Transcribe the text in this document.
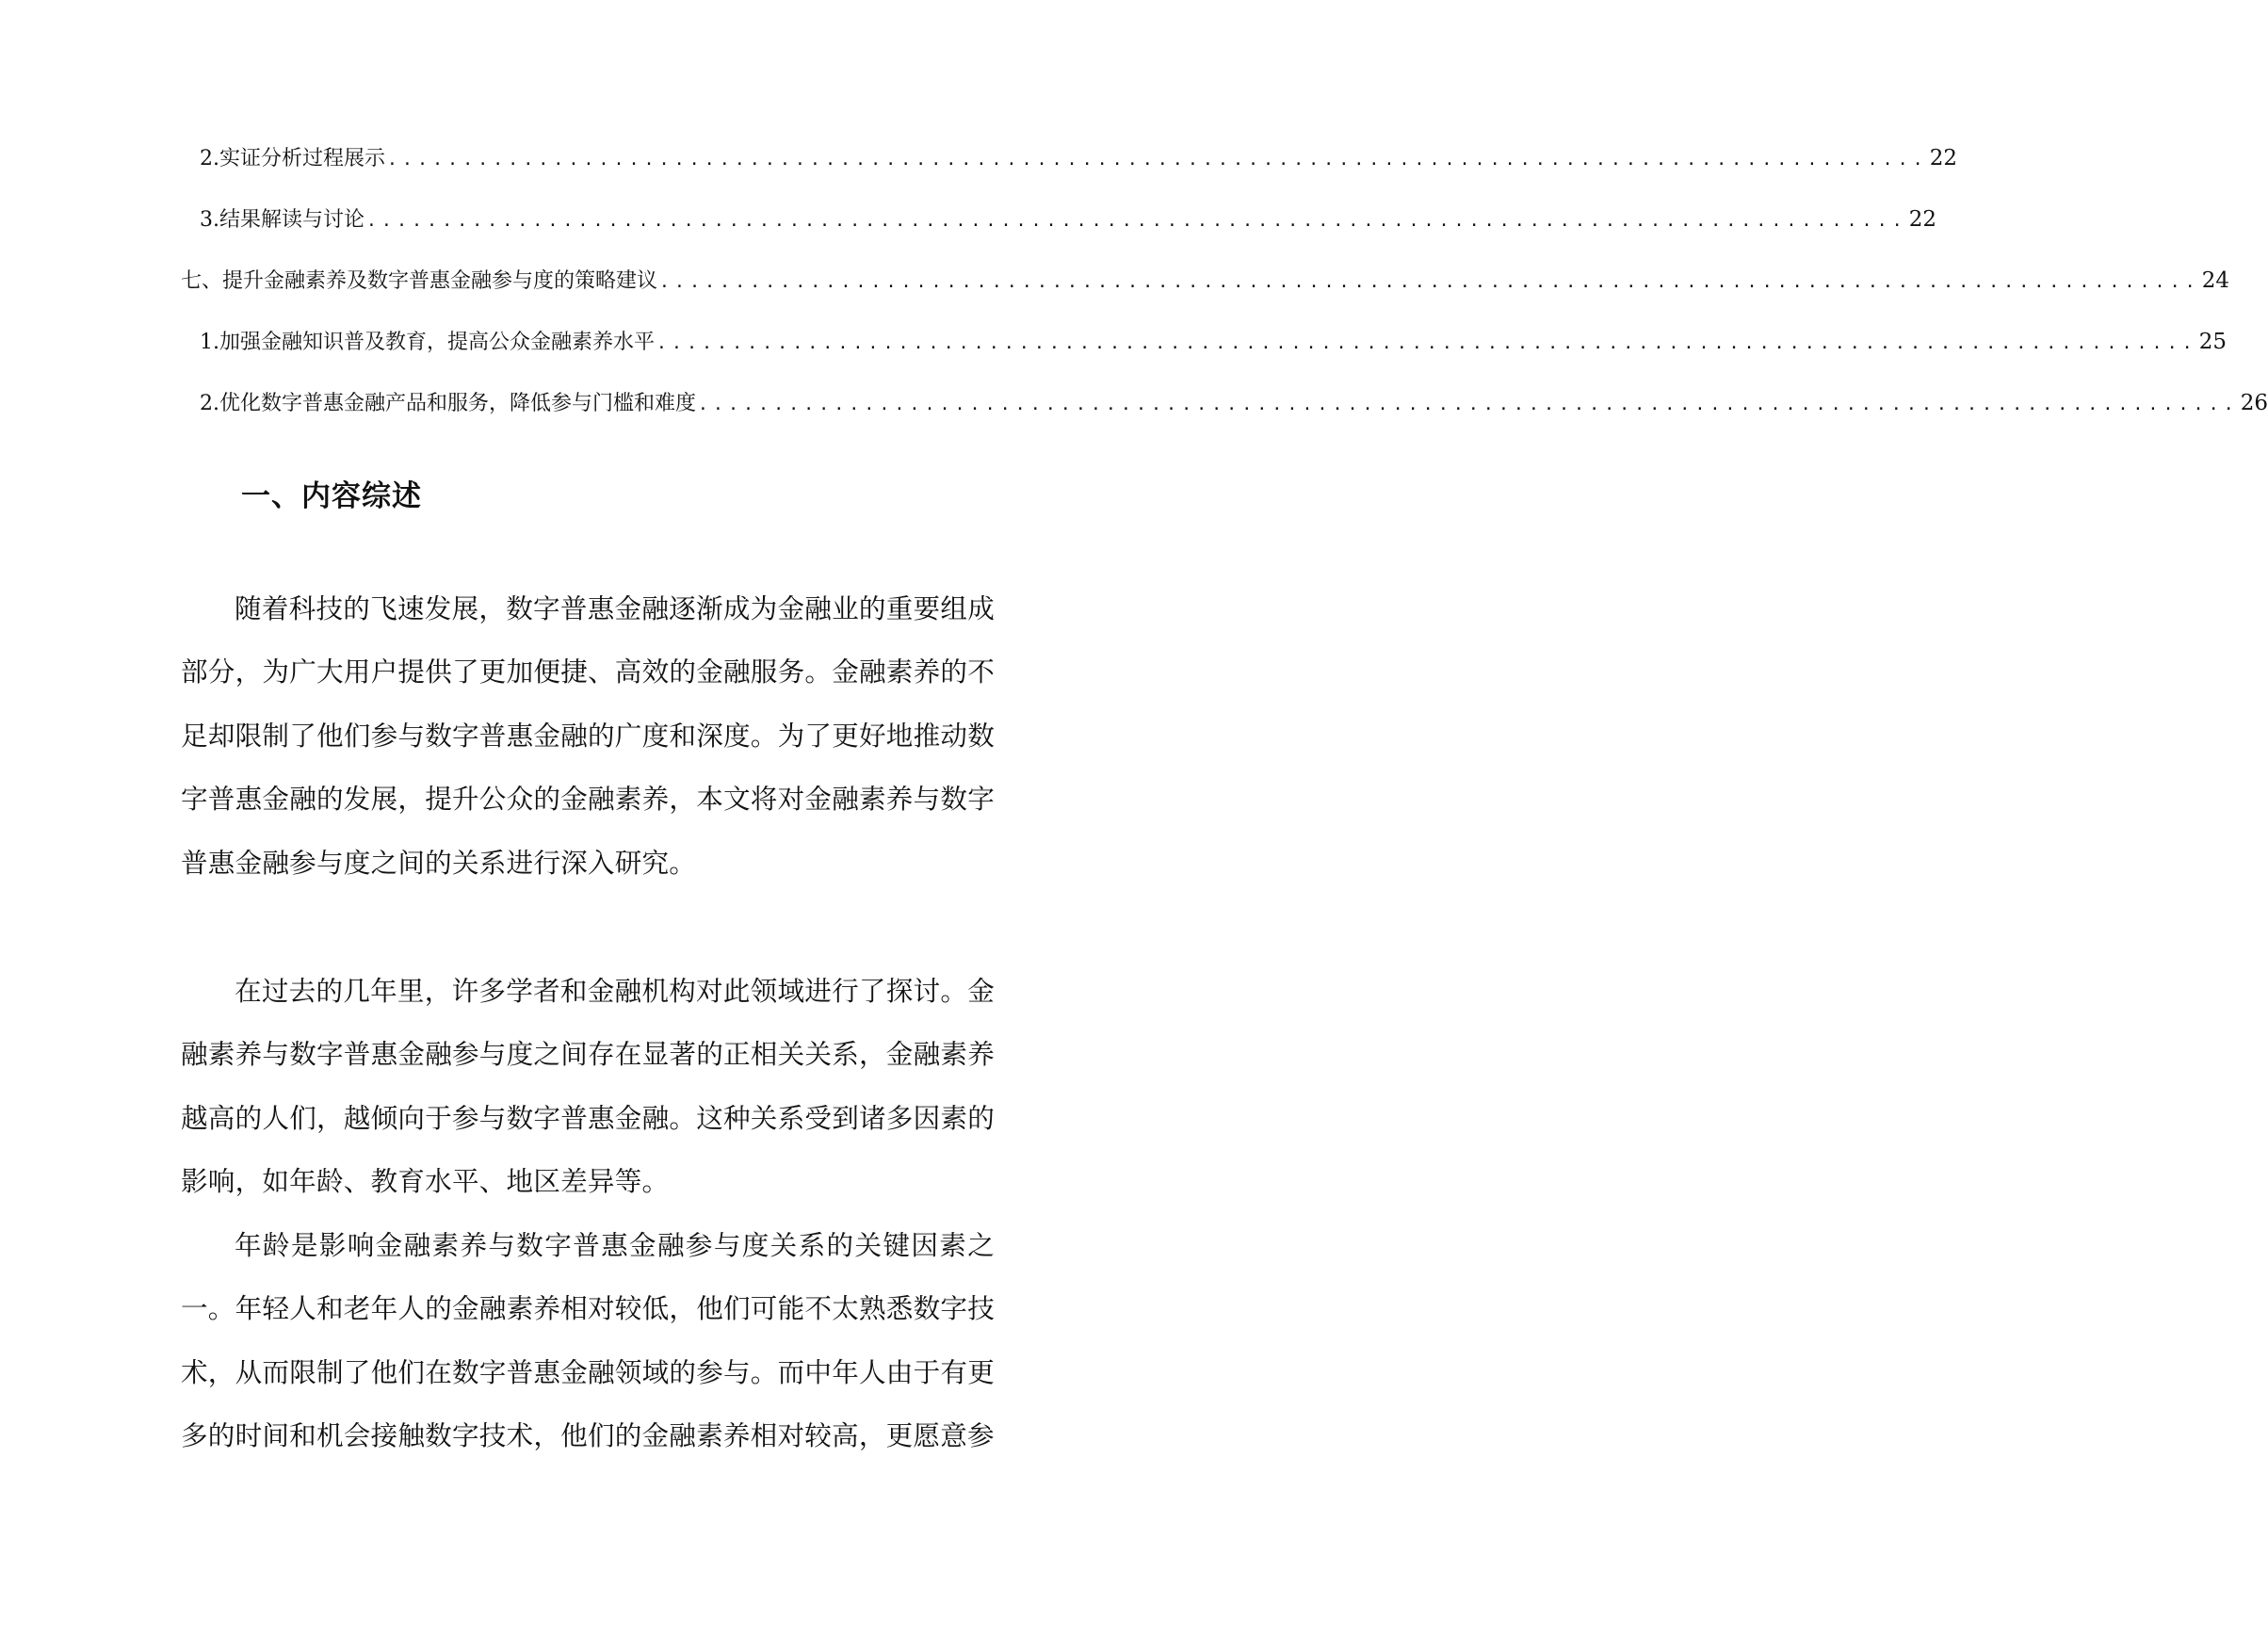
2. 实证分析过程展示 ...................................................................................................... 22
3. 结果解读与讨论 ...................................................................................................... 22
七、提升金融素养及数字普惠金融参与度的策略建议 ...................................................................................................... 24
1. 加强金融知识普及教育，提高公众金融素养水平 ...................................................................................................... 25
2. 优化数字普惠金融产品和服务，降低参与门槛和难度 ...................................................................................................... 26
一、内容综述

随着科技的飞速发展，数字普惠金融逐渐成为金融业的重要组成部分，为广大用户提供了更加便捷、高效的金融服务。金融素养的不足却限制了他们参与数字普惠金融的广度和深度。为了更好地推动数字普惠金融的发展，提升公众的金融素养，本文将对金融素养与数字普惠金融参与度之间的关系进行深入研究。

在过去的几年里，许多学者和金融机构对此领域进行了探讨。金融素养与数字普惠金融参与度之间存在显著的正相关关系，金融素养越高的人们，越倾向于参与数字普惠金融。这种关系受到诸多因素的影响，如年龄、教育水平、地区差异等。

年龄是影响金融素养与数字普惠金融参与度关系的关键因素之一。年轻人和老年人的金融素养相对较低，他们可能不太熟悉数字技术，从而限制了他们在数字普惠金融领域的参与。而中年人由于有更多的时间和机会接触数字技术，他们的金融素养相对较高，更愿意参
